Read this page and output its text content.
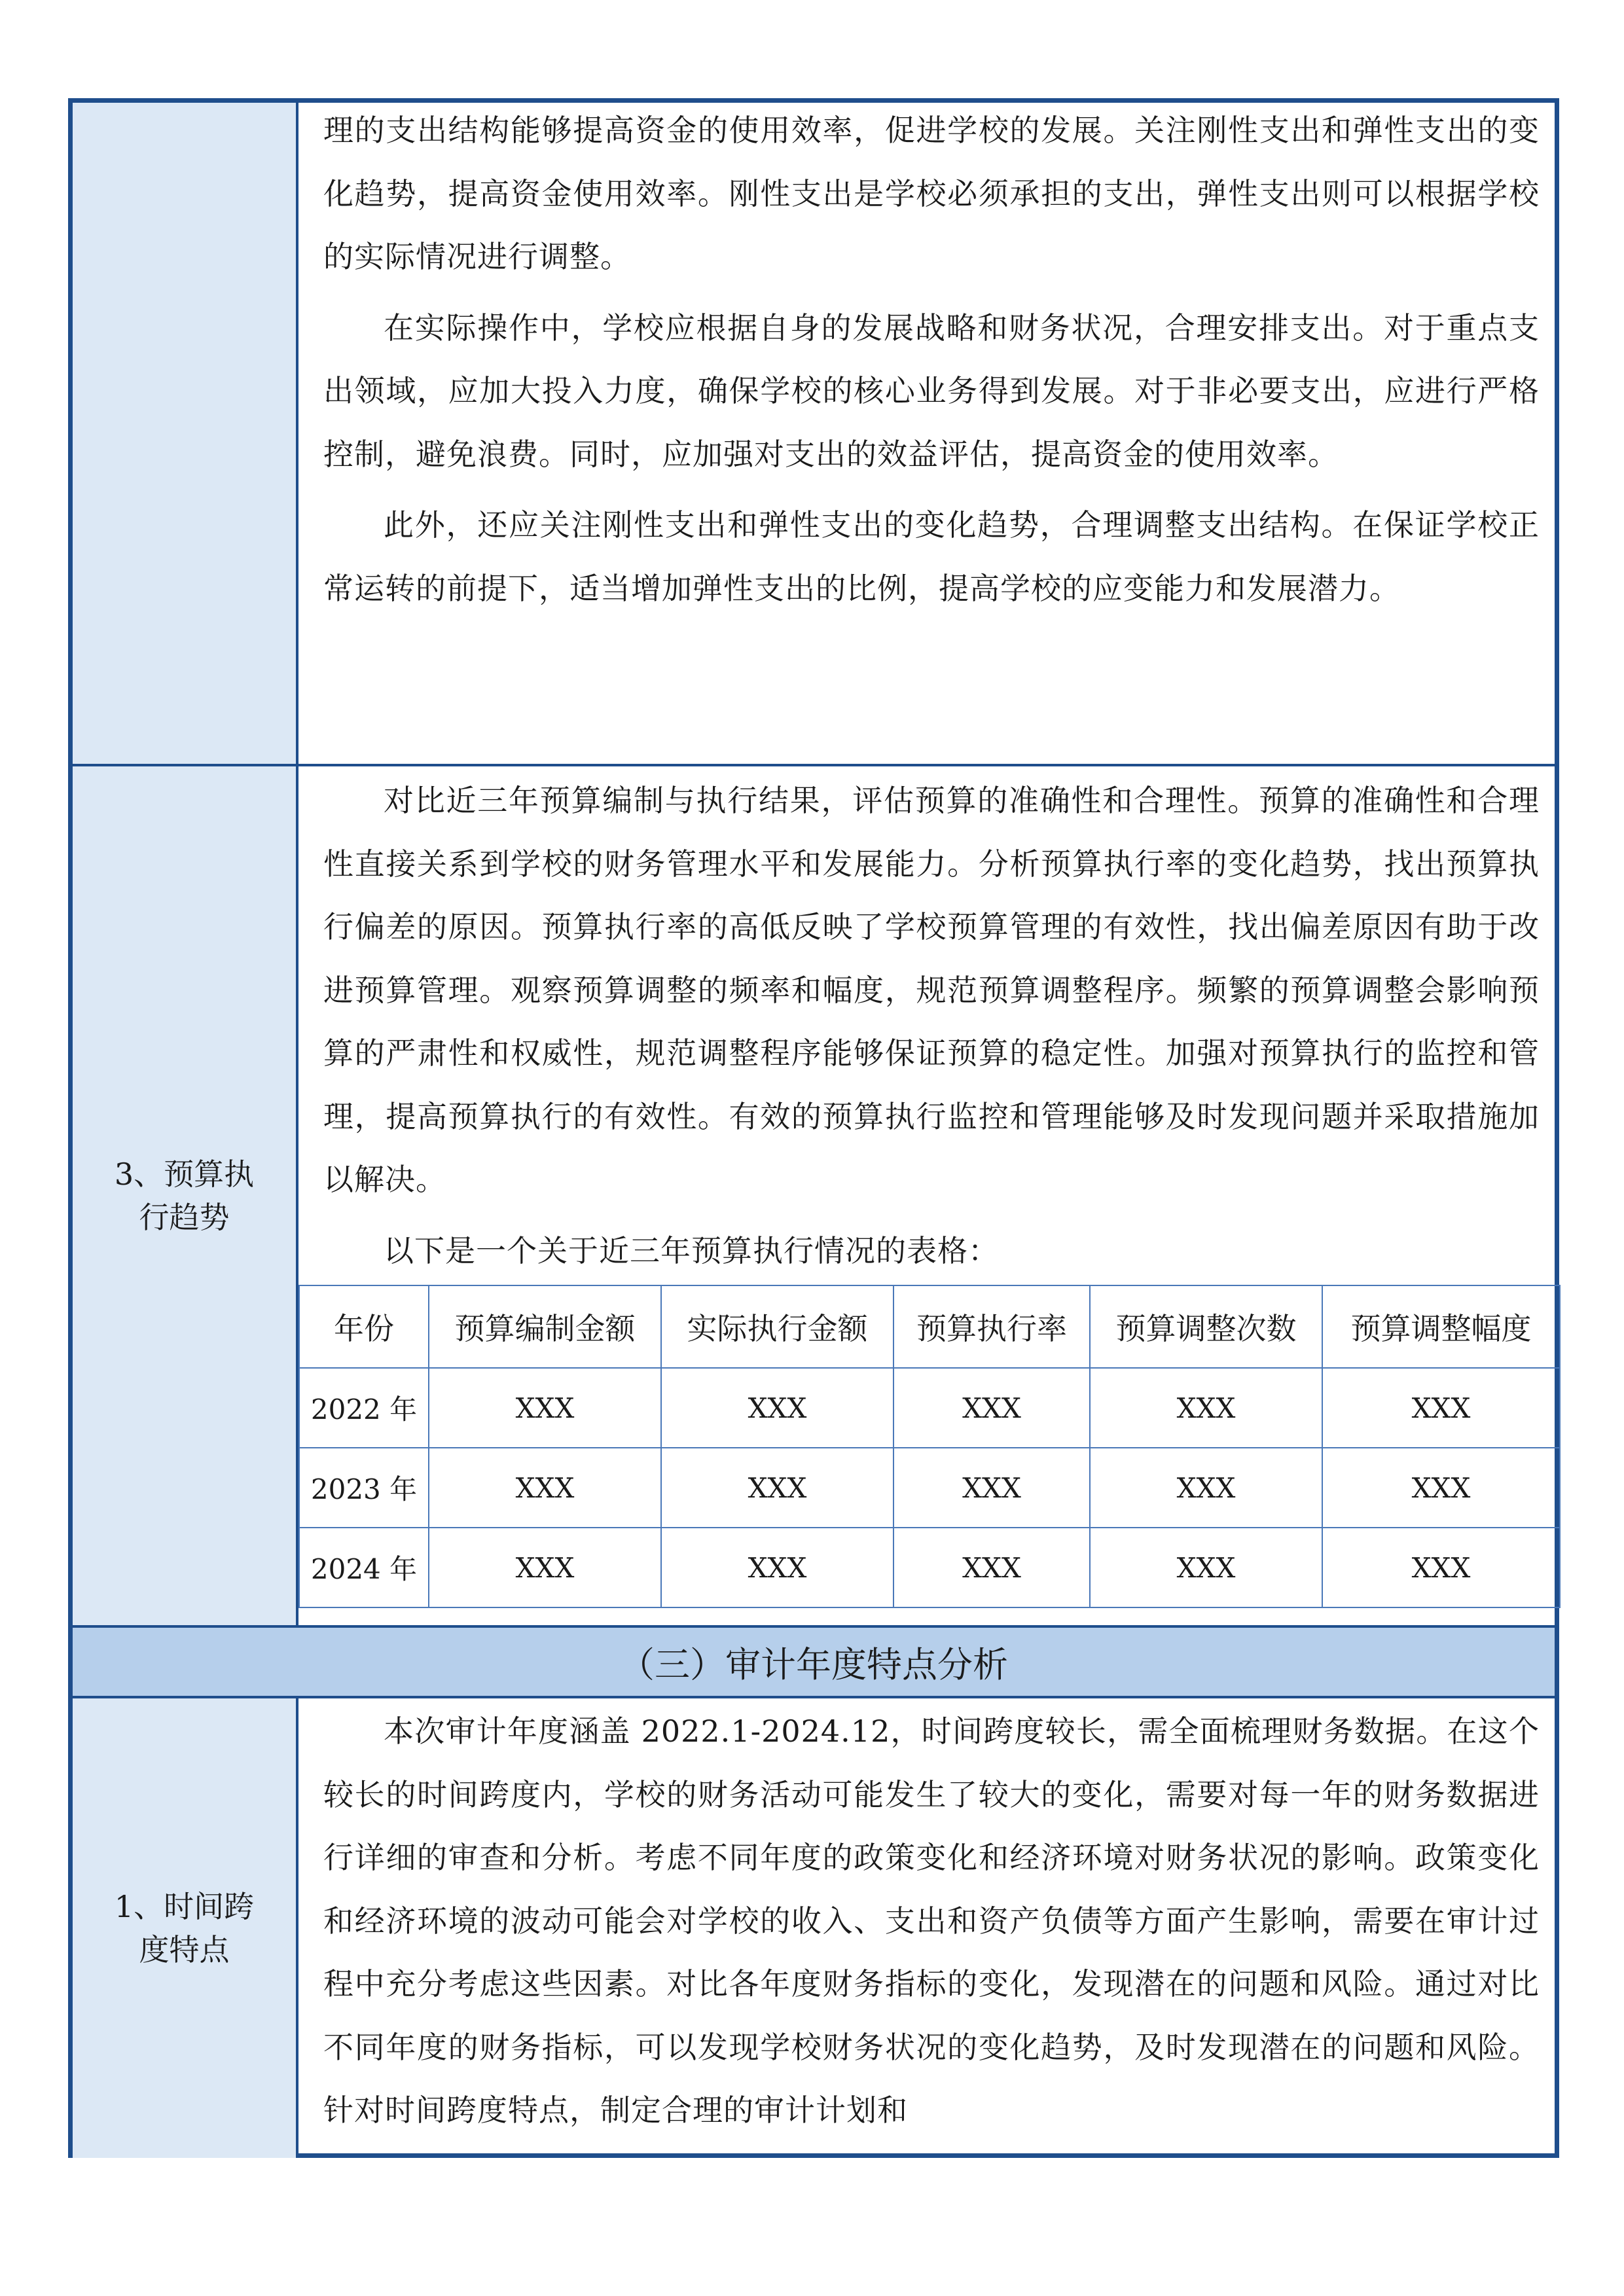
3、预算执行趋势
（三）审计年度特点分析
1、时间跨度特点

理的支出结构能够提高资金的使用效率，促进学校的发展。关注刚性支出和弹性支出的变化趋势，提高资金使用效率。刚性支出是学校必须承担的支出，弹性支出则可以根据学校的实际情况进行调整。

在实际操作中，学校应根据自身的发展战略和财务状况，合理安排支出。对于重点支出领域，应加大投入力度，确保学校的核心业务得到发展。对于非必要支出，应进行严格控制，避免浪费。同时，应加强对支出的效益评估，提高资金的使用效率。

此外，还应关注刚性支出和弹性支出的变化趋势，合理调整支出结构。在保证学校正常运转的前提下，适当增加弹性支出的比例，提高学校的应变能力和发展潜力。

对比近三年预算编制与执行结果，评估预算的准确性和合理性。预算的准确性和合理性直接关系到学校的财务管理水平和发展能力。分析预算执行率的变化趋势，找出预算执行偏差的原因。预算执行率的高低反映了学校预算管理的有效性，找出偏差原因有助于改进预算管理。观察预算调整的频率和幅度，规范预算调整程序。频繁的预算调整会影响预算的严肃性和权威性，规范调整程序能够保证预算的稳定性。加强对预算执行的监控和管理，提高预算执行的有效性。有效的预算执行监控和管理能够及时发现问题并采取措施加以解决。

以下是一个关于近三年预算执行情况的表格：

年份	预算编制金额	实际执行金额	预算执行率	预算调整次数	预算调整幅度
2022 年	XXX	XXX	XXX	XXX	XXX
2023 年	XXX	XXX	XXX	XXX	XXX
2024 年	XXX	XXX	XXX	XXX	XXX

本次审计年度涵盖 2022.1-2024.12，时间跨度较长，需全面梳理财务数据。在这个较长的时间跨度内，学校的财务活动可能发生了较大的变化，需要对每一年的财务数据进行详细的审查和分析。考虑不同年度的政策变化和经济环境对财务状况的影响。政策变化和经济环境的波动可能会对学校的收入、支出和资产负债等方面产生影响，需要在审计过程中充分考虑这些因素。对比各年度财务指标的变化，发现潜在的问题和风险。通过对比不同年度的财务指标，可以发现学校财务状况的变化趋势，及时发现潜在的问题和风险。针对时间跨度特点，制定合理的审计计划和
